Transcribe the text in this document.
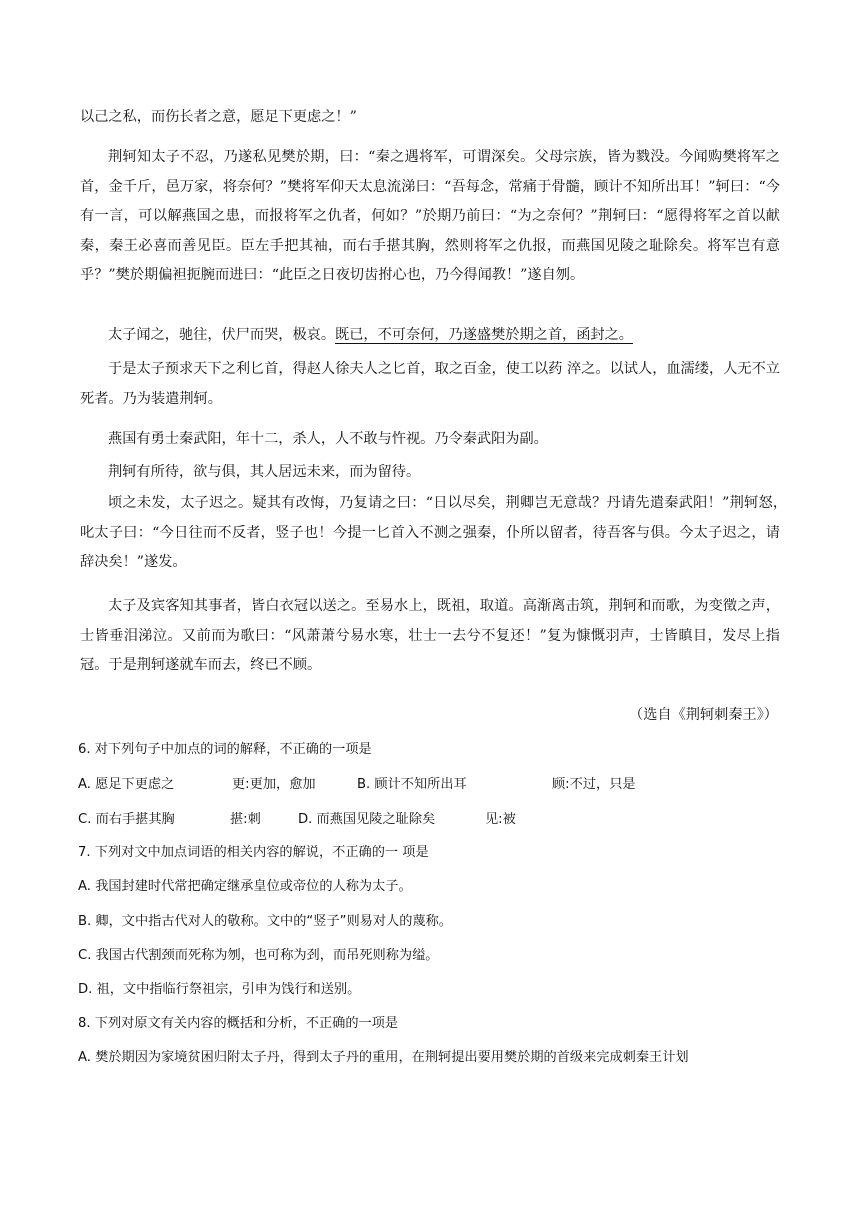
以己之私，而伤长者之意，愿足下更虑之！”
荆轲知太子不忍，乃遂私见樊於期，曰：“秦之遇将军，可谓深矣。父母宗族，皆为戮没。今闻购樊将军之首，金千斤，邑万家，将奈何？”樊将军仰天太息流涕曰：“吾每念，常痛于骨髓，顾计不知所出耳！”轲曰：“今有一言，可以解燕国之患，而报将军之仇者，何如？”於期乃前曰：“为之奈何？”荆轲曰：“愿得将军之首以献秦，秦王必喜而善见臣。臣左手把其袖，而右手揕其胸，然则将军之仇报，而燕国见陵之耻除矣。将军岂有意乎？”樊於期偏袒扼腕而进曰：“此臣之日夜切齿拊心也，乃今得闻教！”遂自刎。
太子闻之，驰往，伏尸而哭，极哀。既已，不可奈何，乃遂盛樊於期之首，函封之。
于是太子预求天下之利匕首，得赵人徐夫人之匕首，取之百金，使工以药 淬之。以试人，血濡缕，人无不立死者。乃为装遣荆轲。
燕国有勇士秦武阳，年十二，杀人，人不敢与忤视。乃令秦武阳为副。
荆轲有所待，欲与俱，其人居远未来，而为留待。
顷之未发，太子迟之。疑其有改悔，乃复请之曰：“日以尽矣，荆卿岂无意哉？丹请先遣秦武阳！”荆轲怒，　叱太子曰：“今日往而不反者，竖子也！今提一匕首入不测之强秦，仆所以留者，待吾客与俱。今太子迟之，请辞决矣！”遂发。
太子及宾客知其事者，皆白衣冠以送之。至易水上，既祖，取道。高渐离击筑，荆轲和而歌，为变徵之声，士皆垂泪涕泣。又前而为歌曰：“风萧萧兮易水寒，壮士一去兮不复还！”复为慷慨羽声，士皆瞋目，发尽上指冠。于是荆轲遂就车而去，终已不顾。
（选自《荆轲刺秦王》）
6. 对下列句子中加点的词的解释，不正确的一项是
A. 愿足下更虑之	更:更加，愈加	B. 顾计不知所出耳	顾:不过，只是
C. 而右手揕其胸	揕:刺	D. 而燕国见陵之耻除矣	见:被
7. 下列对文中加点词语的相关内容的解说，不正确的一 项是
A. 我国封建时代常把确定继承皇位或帝位的人称为太子。
B. 卿，文中指古代对人的敬称。文中的“竖子”则易对人的蔑称。
C. 我国古代割颈而死称为刎，也可称为刭，而吊死则称为缢。
D. 祖，文中指临行祭祖宗，引申为饯行和送别。
8. 下列对原文有关内容的概括和分析，不正确的一项是
A. 樊於期因为家境贫困归附太子丹，得到太子丹的重用，在荆轲提出要用樊於期的首级来完成刺秦王计划
